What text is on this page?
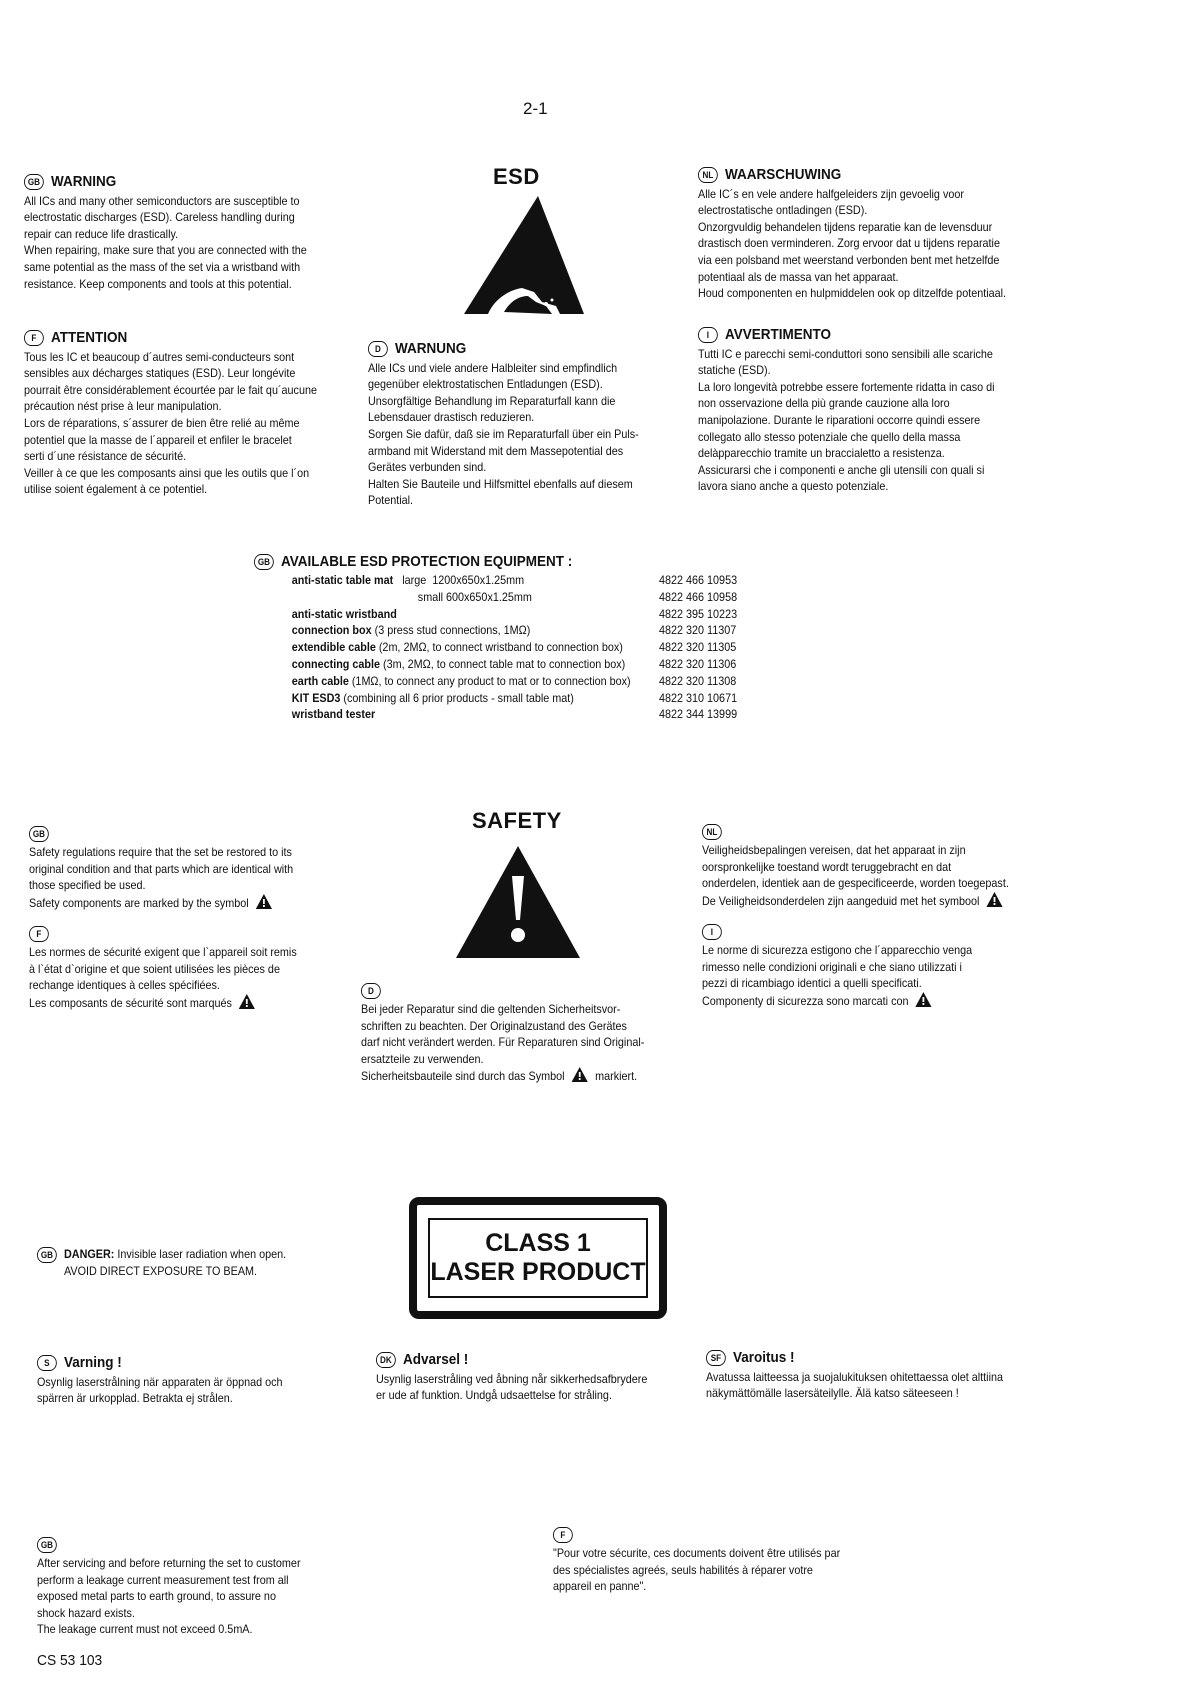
2-1
ESD
GB WARNING
All ICs and many other semiconductors are susceptible to
electrostatic discharges (ESD). Careless handling during
repair can reduce life drastically.
When repairing, make sure that you are connected with the
same potential as the mass of the set via a wristband with
resistance. Keep components and tools at this potential.
F ATTENTION
Tous les IC et beaucoup d´autres semi-conducteurs sont
sensibles aux décharges statiques (ESD). Leur longévite
pourrait être considérablement écourtée par le fait qu´aucune
précaution nést prise à leur manipulation.
Lors de réparations, s´assurer de bien être relié au même
potentiel que la masse de l´appareil et enfiler le bracelet
serti d´une résistance de sécurité.
Veiller à ce que les composants ainsi que les outils que l´on
utilise soient également à ce potentiel.
D WARNUNG
Alle ICs und viele andere Halbleiter sind empfindlich
gegenüber elektrostatischen Entladungen (ESD).
Unsorgfältige Behandlung im Reparaturfall kann die
Lebensdauer drastisch reduzieren.
Sorgen Sie dafür, daß sie im Reparaturfall über ein Puls-
armband mit Widerstand mit dem Massepotential des
Gerätes verbunden sind.
Halten Sie Bauteile und Hilfsmittel ebenfalls auf diesem
Potential.
NL WAARSCHUWING
Alle IC´s en vele andere halfgeleiders zijn gevoelig voor
electrostatische ontladingen (ESD).
Onzorgvuldig behandelen tijdens reparatie kan de levensduur
drastisch doen verminderen. Zorg ervoor dat u tijdens reparatie
via een polsband met weerstand verbonden bent met hetzelfde
potentiaal als de massa van het apparaat.
Houd componenten en hulpmiddelen ook op ditzelfde potentiaal.
I	AVVERTIMENTO
Tutti IC e parecchi semi-conduttori sono sensibili alle scariche
statiche (ESD).
La loro longevità potrebbe essere fortemente ridatta in caso di
non osservazione della più grande cauzione alla loro
manipolazione. Durante le riparationi occorre quindi essere
collegato allo stesso potenziale che quello della massa
delàpparecchio tramite un braccialetto a resistenza.
Assicurarsi che i componenti e anche gli utensili con quali si
lavora siano anche a questo potenziale.
GB AVAILABLE ESD PROTECTION EQUIPMENT :
anti-static table mat   large  1200x650x1.25mm	4822 466 10953
small 600x650x1.25mm	4822 466 10958
anti-static wristband	4822 395 10223
connection box (3 press stud connections, 1MΩ)	4822 320 11307
extendible cable (2m, 2MΩ, to connect wristband to connection box)	4822 320 11305
connecting cable (3m, 2MΩ, to connect table mat to connection box)	4822 320 11306
earth cable (1MΩ, to connect any product to mat or to connection box)	4822 320 11308
KIT ESD3 (combining all 6 prior products - small table mat)	4822 310 10671
wristband tester	4822 344 13999
SAFETY
GB
Safety regulations require that the set be restored to its
original condition and that parts which are identical with
those specified be used.
Safety components are marked by the symbol
F
Les normes de sécurité exigent que l`appareil soit remis
à l`état d`origine et que soient utilisées les pièces de
rechange identiques à celles spécifiées.
Les composants de sécurité sont marqués
D
Bei jeder Reparatur sind die geltenden Sicherheitsvor-
schriften zu beachten. Der Originalzustand des Gerätes
darf nicht verändert werden. Für Reparaturen sind Original-
ersatzteile zu verwenden.
Sicherheitsbauteile sind durch das Symbol	markiert.
NL
Veiligheidsbepalingen vereisen, dat het apparaat in zijn
oorspronkelijke toestand wordt teruggebracht en dat
onderdelen, identiek aan de gespecificeerde, worden toegepast.
De Veiligheidsonderdelen zijn aangeduid met het symbool
I
Le norme di sicurezza estigono che l´apparecchio venga
rimesso nelle condizioni originali e che siano utilizzati i
pezzi di ricambiago identici a quelli specificati.
Componenty di sicurezza sono marcati con
CLASS 1
LASER PRODUCT
GB DANGER: Invisible laser radiation when open.
AVOID DIRECT EXPOSURE TO BEAM.
S Varning !
Osynlig laserstrålning när apparaten är öppnad och
spärren är urkopplad. Betrakta ej strålen.
DK Advarsel !
Usynlig laserstråling ved åbning når sikkerhedsafbrydere
er ude af funktion. Undgå udsaettelse for stråling.
SF Varoitus !
Avatussa laitteessa ja suojalukituksen ohitettaessa olet alttiina
näkymättömälle lasersäteilylle. Älä katso säteeseen !
GB
After servicing and before returning the set to customer
perform a leakage current measurement test from all
exposed metal parts to earth ground, to assure no
shock hazard exists.
The leakage current must not exceed 0.5mA.
F
"Pour votre sécurite, ces documents doivent être utilisés par
des spécialistes agreés, seuls habilités à réparer votre
appareil en panne".
CS 53 103
